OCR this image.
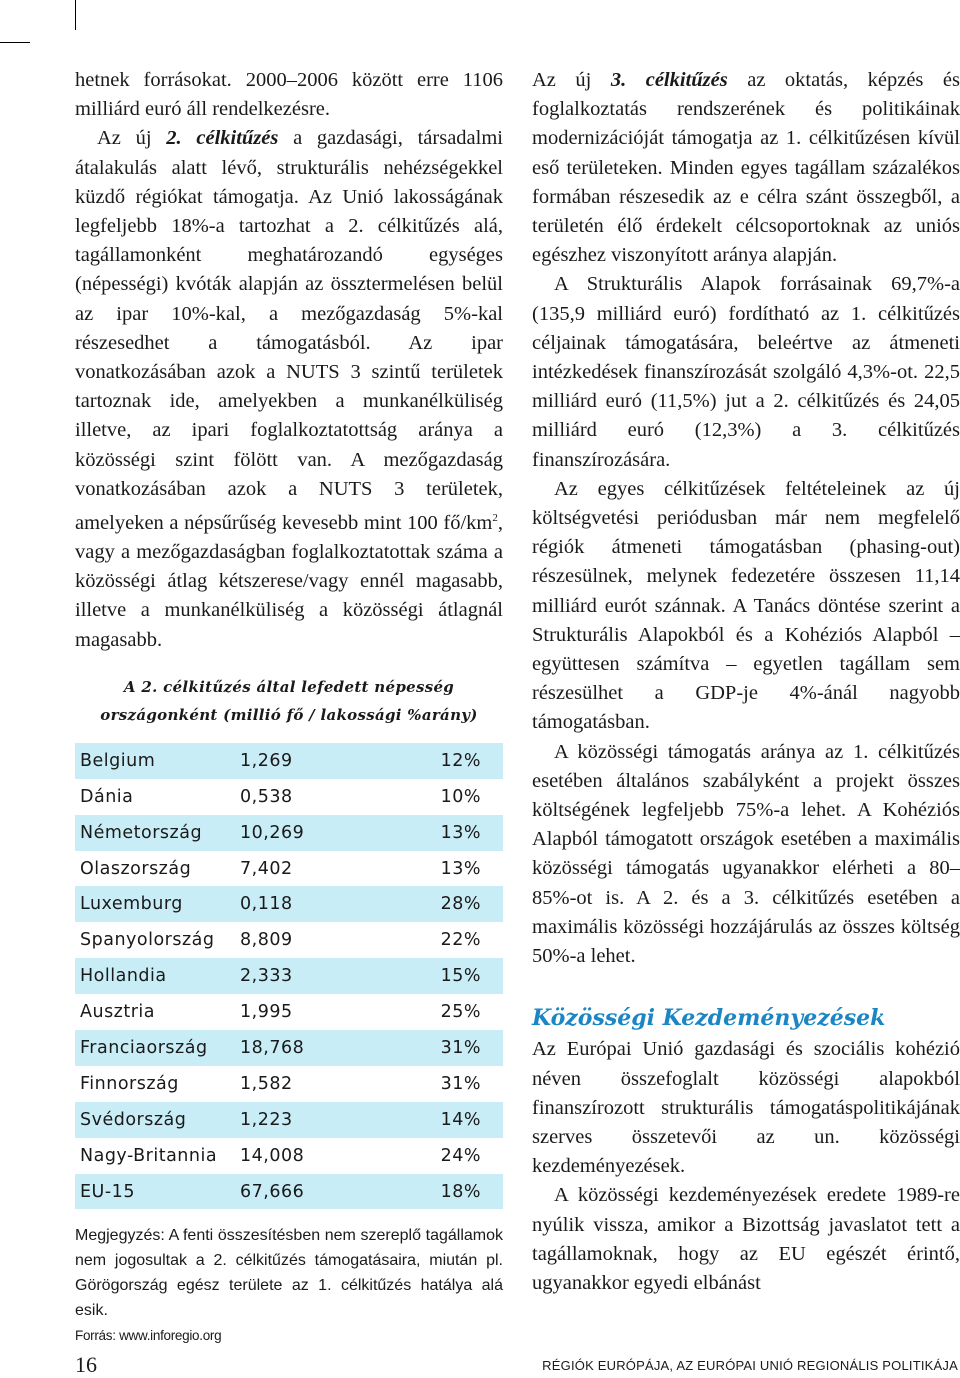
hetnek forrásokat. 2000–2006 között erre 1106 milliárd euró áll rendelkezésre.

Az új 2. célkitűzés a gazdasági, társadalmi átalakulás alatt lévő, strukturális nehézségekkel küzdő régiókat támogatja. Az Unió lakosságának legfeljebb 18%-a tartozhat a 2. célkitűzés alá, tagállamonként meghatározandó egységes (népességi) kvóták alapján az össztermelésen belül az ipar 10%-kal, a mezőgazdaság 5%-kal részesedhet a támogatásból. Az ipar vonatkozásában azok a NUTS 3 szintű területek tartoznak ide, amelyekben a munkanélküliség illetve, az ipari foglalkoztatottság aránya a közösségi szint fölött van. A mezőgazdaság vonatkozásában azok a NUTS 3 területek, amelyeken a népsűrűség kevesebb mint 100 $fő/km^2$, vagy a mezőgazdaságban foglalkoztatottak száma a közösségi átlag kétszerese/vagy ennél magasabb, illetve a munkanélküliség a közösségi átlagnál magasabb.

A 2. célkitűzés által lefedett népesség
országonként (millió fő / lakossági %arány)
Belgium	1,269	12%
Dánia	0,538	10%
Németország	10,269	13%
Olaszország	7,402	13%
Luxemburg	0,118	28%
Spanyolország	8,809	22%
Hollandia	2,333	15%
Ausztria	1,995	25%
Franciaország	18,768	31%
Finnország	1,582	31%
Svédország	1,223	14%
Nagy-Britannia	14,008	24%
EU-15	67,666	18%
Megjegyzés: A fenti összesítésben nem szereplő tagállamok nem jogosultak a 2. célkitűzés támogatásaira, miután pl. Görögország egész területe az 1. célkitűzés hatálya alá esik.
Forrás: www.inforegio.org

Az új 3. célkitűzés az oktatás, képzés és foglalkoztatás rendszerének és politikáinak modernizációját támogatja az 1. célkitűzésen kívül eső területeken. Minden egyes tagállam százalékos formában részesedik az e célra szánt összegből, a területén élő érdekelt célcsoportoknak az uniós egészhez viszonyított aránya alapján.

A Strukturális Alapok forrásainak 69,7%-a (135,9 milliárd euró) fordítható az 1. célkitűzés céljainak támogatására, beleértve az átmeneti intézkedések finanszírozását szolgáló 4,3%-ot. 22,5 milliárd euró (11,5%) jut a 2. célkitűzés és 24,05 milliárd euró (12,3%) a 3. célkitűzés finanszírozására.

Az egyes célkitűzések feltételeinek az új költségvetési periódusban már nem megfelelő régiók átmeneti támogatásban (phasing-out) részesülnek, melynek fedezetére összesen 11,14 milliárd eurót szánnak. A Tanács döntése szerint a Strukturális Alapokból és a Kohéziós Alapból – együttesen számítva – egyetlen tagállam sem részesülhet a GDP-je 4%-ánál nagyobb támogatásban.

A közösségi támogatás aránya az 1. célkitűzés esetében általános szabályként a projekt összes költségének legfeljebb 75%-a lehet. A Kohéziós Alapból támogatott országok esetében a maximális közösségi támogatás ugyanakkor elérheti a 80–85%-ot is. A 2. és a 3. célkitűzés esetében a maximális közösségi hozzájárulás az összes költség 50%-a lehet.

Közösségi Kezdeményezések

Az Európai Unió gazdasági és szociális kohézió néven összefoglalt közösségi alapokból finanszírozott strukturális támogatáspolitikájának szerves összetevői az un. közösségi kezdeményezések.

A közösségi kezdeményezések eredete 1989-re nyúlik vissza, amikor a Bizottság javaslatot tett a tagállamoknak, hogy az EU egészét érintő, ugyanakkor egyedi elbánást

16	RÉGIÓK EURÓPÁJA, AZ EURÓPAI UNIÓ REGIONÁLIS POLITIKÁJA
